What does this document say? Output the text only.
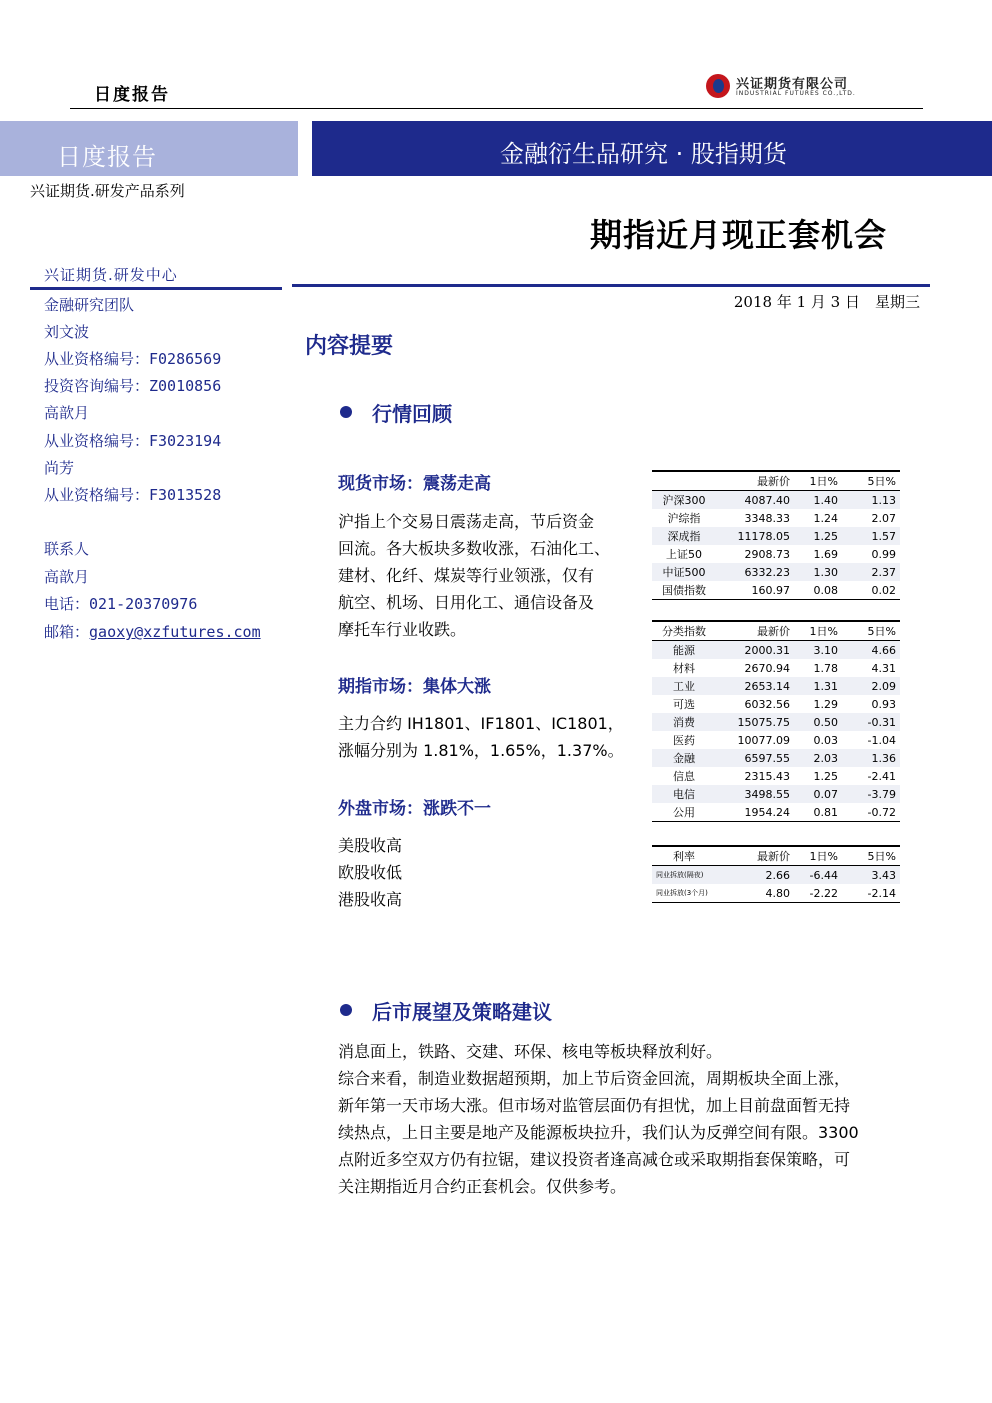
日度报告
兴证期货有限公司
INDUSTRIAL FUTURES CO.,LTD.
日度报告	金融衍生品研究 · 股指期货
兴证期货.研发产品系列
期指近月现正套机会
兴证期货.研发中心
金融研究团队
刘文波
从业资格编号：F0286569
投资咨询编号：Z0010856
高歆月
从业资格编号：F3023194
尚芳
从业资格编号：F3013528
联系人
高歆月
电话：021-20370976
邮箱：gaoxy@xzfutures.com
2018 年 1 月 3 日　星期三
内容提要
行情回顾
现货市场：震荡走高
沪指上个交易日震荡走高，节后资金
回流。各大板块多数收涨，石油化工、
建材、化纤、煤炭等行业领涨，仅有
航空、机场、日用化工、通信设备及
摩托车行业收跌。
期指市场：集体大涨
主力合约 IH1801、IF1801、IC1801，
涨幅分别为 1.81%，1.65%，1.37%。
外盘市场：涨跌不一
美股收高
欧股收低
港股收高
	最新价	1日%	5日%
沪深300	4087.40	1.40	1.13
沪综指	3348.33	1.24	2.07
深成指	11178.05	1.25	1.57
上证50	2908.73	1.69	0.99
中证500	6332.23	1.30	2.37
国债指数	160.97	0.08	0.02
分类指数	最新价	1日%	5日%
能源	2000.31	3.10	4.66
材料	2670.94	1.78	4.31
工业	2653.14	1.31	2.09
可选	6032.56	1.29	0.93
消费	15075.75	0.50	-0.31
医药	10077.09	0.03	-1.04
金融	6597.55	2.03	1.36
信息	2315.43	1.25	-2.41
电信	3498.55	0.07	-3.79
公用	1954.24	0.81	-0.72
利率	最新价	1日%	5日%
同业拆放(隔夜)	2.66	-6.44	3.43
同业拆放(3个月)	4.80	-2.22	-2.14
后市展望及策略建议
消息面上，铁路、交建、环保、核电等板块释放利好。
综合来看，制造业数据超预期，加上节后资金回流，周期板块全面上涨，
新年第一天市场大涨。但市场对监管层面仍有担忧，加上目前盘面暂无持
续热点，上日主要是地产及能源板块拉升，我们认为反弹空间有限。3300
点附近多空双方仍有拉锯，建议投资者逢高减仓或采取期指套保策略，可
关注期指近月合约正套机会。仅供参考。
